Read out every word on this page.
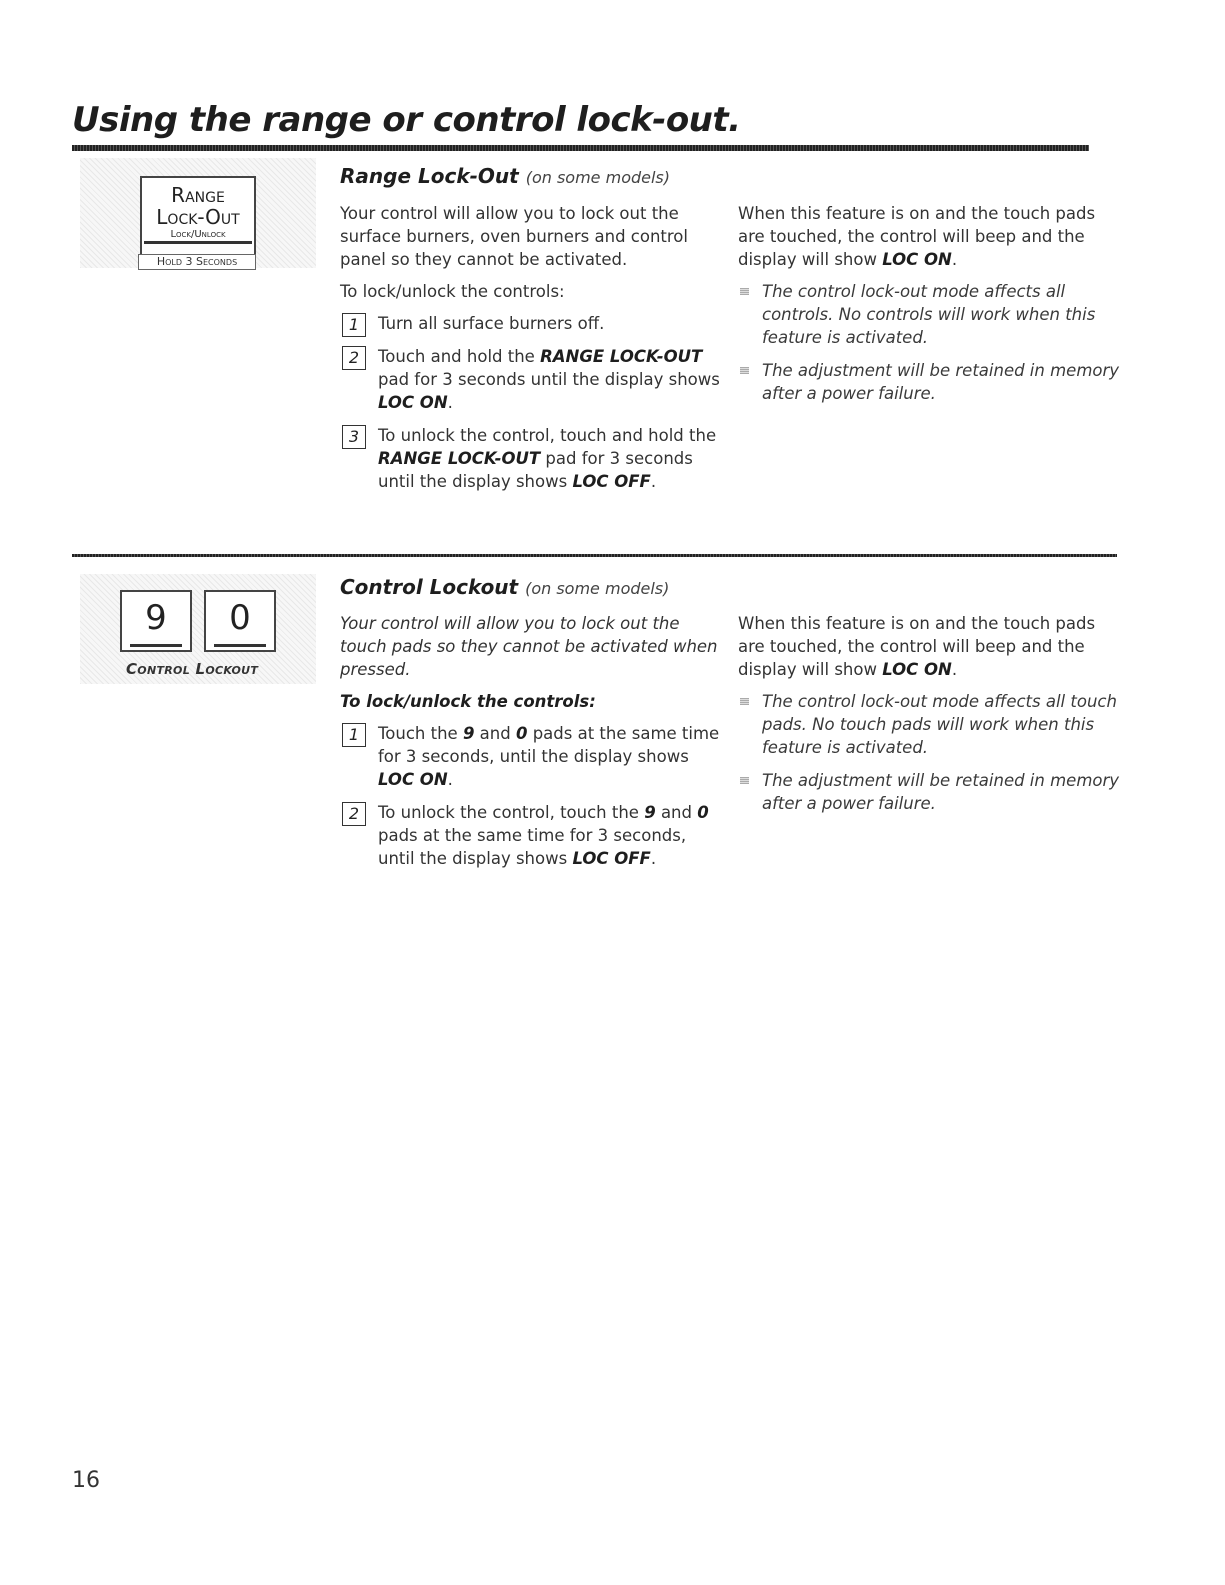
Using the range or control lock-out.
Range
Lock-Out
Lock/Unlock
Hold 3 Seconds
Range Lock-Out (on some models)

Your control will allow you to lock out the surface burners, oven burners and control panel so they cannot be activated.

To lock/unlock the controls:

1	Turn all surface burners off.
2	Touch and hold the RANGE LOCK-OUT pad for 3 seconds until the display shows LOC ON.
3	To unlock the control, touch and hold the RANGE LOCK-OUT pad for 3 seconds until the display shows LOC OFF.

When this feature is on and the touch pads are touched, the control will beep and the display will show LOC ON.

The control lock-out mode affects all controls. No controls will work when this feature is activated.
The adjustment will be retained in memory after a power failure.
9	0
Control Lockout
Control Lockout (on some models)

Your control will allow you to lock out the touch pads so they cannot be activated when pressed.

To lock/unlock the controls:

1	Touch the 9 and 0 pads at the same time for 3 seconds, until the display shows LOC ON.
2	To unlock the control, touch the 9 and 0 pads at the same time for 3 seconds, until the display shows LOC OFF.

When this feature is on and the touch pads are touched, the control will beep and the display will show LOC ON.

The control lock-out mode affects all touch pads. No touch pads will work when this feature is activated.
The adjustment will be retained in memory after a power failure.
16
